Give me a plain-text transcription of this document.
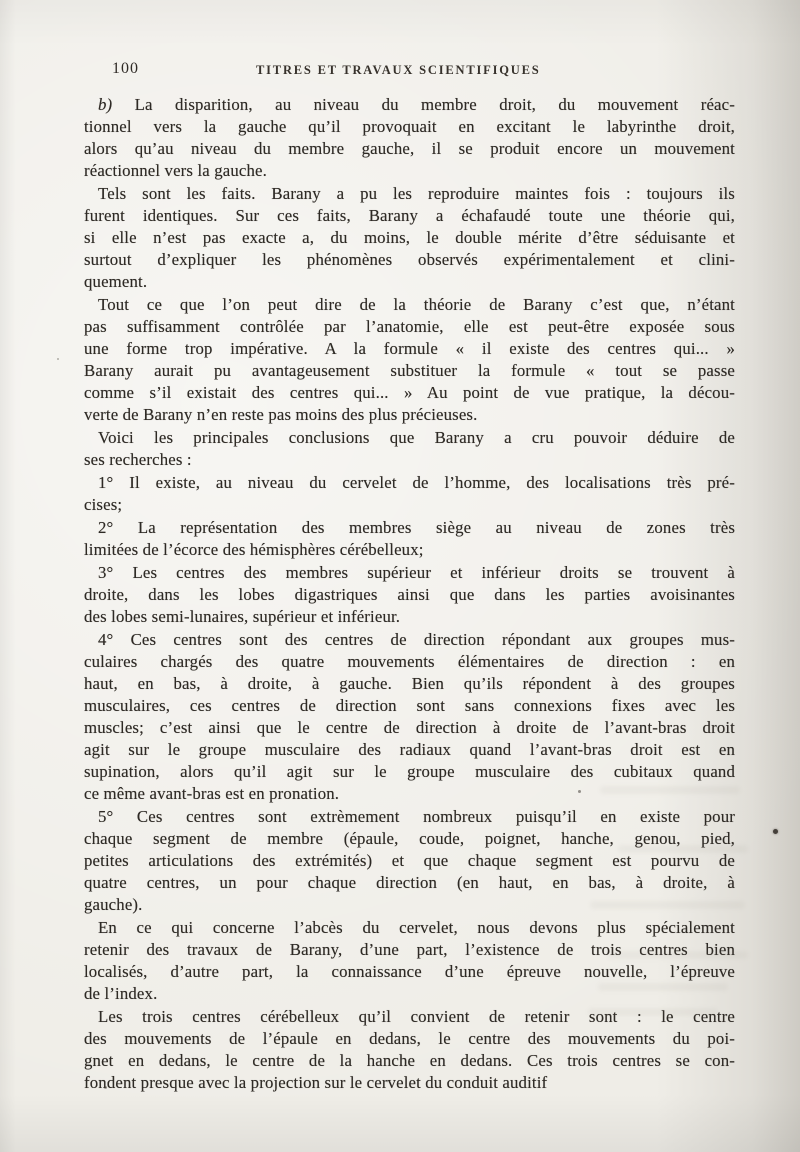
100	TITRES ET TRAVAUX SCIENTIFIQUES
b) La disparition, au niveau du membre droit, du mouvement réac-
tionnel vers la gauche qu’il provoquait en excitant le labyrinthe droit,
alors qu’au niveau du membre gauche, il se produit encore un mouvement
réactionnel vers la gauche.
Tels sont les faits. Barany a pu les reproduire maintes fois : toujours ils
furent identiques. Sur ces faits, Barany a échafaudé toute une théorie qui,
si elle n’est pas exacte a, du moins, le double mérite d’être séduisante et
surtout d’expliquer les phénomènes observés expérimentalement et clini-
quement.
Tout ce que l’on peut dire de la théorie de Barany c’est que, n’étant
pas suffisamment contrôlée par l’anatomie, elle est peut-être exposée sous
une forme trop impérative. A la formule « il existe des centres qui... »
Barany aurait pu avantageusement substituer la formule « tout se passe
comme s’il existait des centres qui... » Au point de vue pratique, la décou-
verte de Barany n’en reste pas moins des plus précieuses.
Voici les principales conclusions que Barany a cru pouvoir déduire de
ses recherches :
1° Il existe, au niveau du cervelet de l’homme, des localisations très pré-
cises;
2° La représentation des membres siège au niveau de zones très
limitées de l’écorce des hémisphères cérébelleux;
3° Les centres des membres supérieur et inférieur droits se trouvent à
droite, dans les lobes digastriques ainsi que dans les parties avoisinantes
des lobes semi-lunaires, supérieur et inférieur.
4° Ces centres sont des centres de direction répondant aux groupes mus-
culaires chargés des quatre mouvements élémentaires de direction : en
haut, en bas, à droite, à gauche. Bien qu’ils répondent à des groupes
musculaires, ces centres de direction sont sans connexions fixes avec les
muscles; c’est ainsi que le centre de direction à droite de l’avant-bras droit
agit sur le groupe musculaire des radiaux quand l’avant-bras droit est en
supination, alors qu’il agit sur le groupe musculaire des cubitaux quand
ce même avant-bras est en pronation.
5° Ces centres sont extrèmement nombreux puisqu’il en existe pour
chaque segment de membre (épaule, coude, poignet, hanche, genou, pied,
petites articulations des extrémités) et que chaque segment est pourvu de
quatre centres, un pour chaque direction (en haut, en bas, à droite, à
gauche).
En ce qui concerne l’abcès du cervelet, nous devons plus spécialement
retenir des travaux de Barany, d’une part, l’existence de trois centres bien
localisés, d’autre part, la connaissance d’une épreuve nouvelle, l’épreuve
de l’index.
Les trois centres cérébelleux qu’il convient de retenir sont : le centre
des mouvements de l’épaule en dedans, le centre des mouvements du poi-
gnet en dedans, le centre de la hanche en dedans. Ces trois centres se con-
fondent presque avec la projection sur le cervelet du conduit auditif
